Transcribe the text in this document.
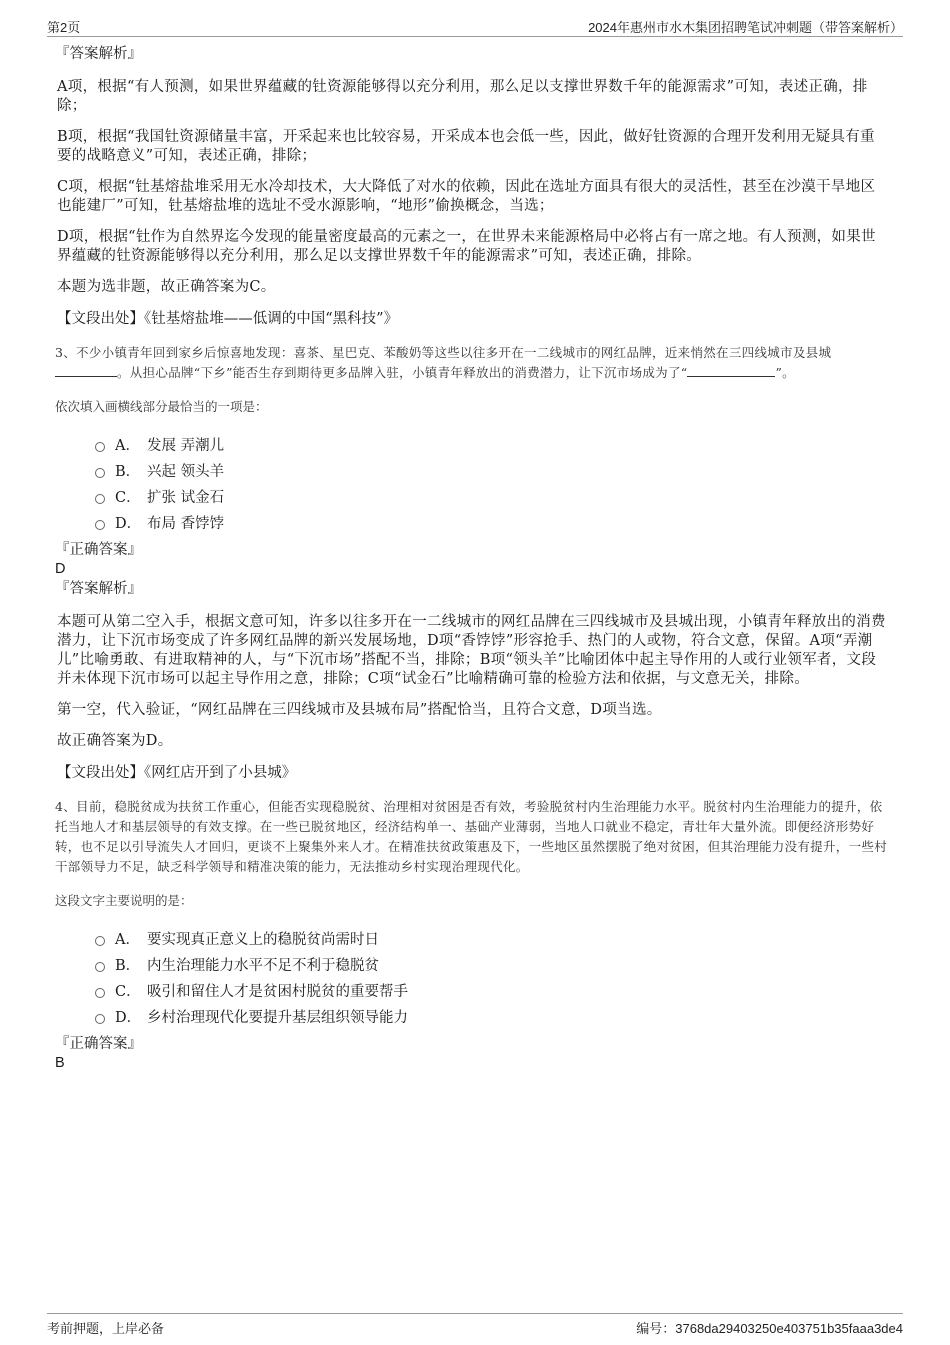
第2页	2024年惠州市水木集团招聘笔试冲刺题（带答案解析）
『答案解析』

A项，根据“有人预测，如果世界蕴藏的钍资源能够得以充分利用，那么足以支撑世界数千年的能源需求”可知，表述正确，排除；

B项，根据“我国钍资源储量丰富，开采起来也比较容易，开采成本也会低一些，因此，做好钍资源的合理开发利用无疑具有重要的战略意义”可知，表述正确，排除；

C项，根据“钍基熔盐堆采用无水冷却技术，大大降低了对水的依赖，因此在选址方面具有很大的灵活性，甚至在沙漠干旱地区也能建厂”可知，钍基熔盐堆的选址不受水源影响，“地形”偷换概念，当选；

D项，根据“钍作为自然界迄今发现的能量密度最高的元素之一，在世界未来能源格局中必将占有一席之地。有人预测，如果世界蕴藏的钍资源能够得以充分利用，那么足以支撑世界数千年的能源需求”可知，表述正确，排除。

本题为选非题，故正确答案为C。

【文段出处】《钍基熔盐堆——低调的中国“黑科技”》
3、不少小镇青年回到家乡后惊喜地发现：喜茶、星巴克、苯酸奶等这些以往多开在一二线城市的网红品牌，近来悄然在三四线城市及县城。从担心品牌“下乡”能否生存到期待更多品牌入驻，小镇青年释放出的消费潜力，让下沉市场成为了“	”。
依次填入画横线部分最恰当的一项是：
A． 发展 弄潮儿
B． 兴起 领头羊
C． 扩张 试金石
D． 布局 香饽饽
『正确答案』
D
『答案解析』

本题可从第二空入手，根据文意可知，许多以往多开在一二线城市的网红品牌在三四线城市及县城出现，小镇青年释放出的消费潜力，让下沉市场变成了许多网红品牌的新兴发展场地，D项“香饽饽”形容抢手、热门的人或物，符合文意，保留。A项“弄潮儿”比喻勇敢、有进取精神的人，与“下沉市场”搭配不当，排除；B项“领头羊”比喻团体中起主导作用的人或行业领军者，文段并未体现下沉市场可以起主导作用之意，排除；C项“试金石”比喻精确可靠的检验方法和依据，与文意无关，排除。

第一空，代入验证，“网红品牌在三四线城市及县城布局”搭配恰当，且符合文意，D项当选。

故正确答案为D。

【文段出处】《网红店开到了小县城》
4、目前，稳脱贫成为扶贫工作重心，但能否实现稳脱贫、治理相对贫困是否有效，考验脱贫村内生治理能力水平。脱贫村内生治理能力的提升，依托当地人才和基层领导的有效支撑。在一些已脱贫地区，经济结构单一、基础产业薄弱，当地人口就业不稳定，青壮年大量外流。即便经济形势好转，也不足以引导流失人才回归，更谈不上聚集外来人才。在精准扶贫政策惠及下，一些地区虽然摆脱了绝对贫困，但其治理能力没有提升，一些村干部领导力不足，缺乏科学领导和精准决策的能力，无法推动乡村实现治理现代化。
这段文字主要说明的是：
A． 要实现真正意义上的稳脱贫尚需时日
B． 内生治理能力水平不足不利于稳脱贫
C． 吸引和留住人才是贫困村脱贫的重要帮手
D． 乡村治理现代化要提升基层组织领导能力
『正确答案』
B
考前押题，上岸必备	编号：3768da29403250e403751b35faaa3de4
